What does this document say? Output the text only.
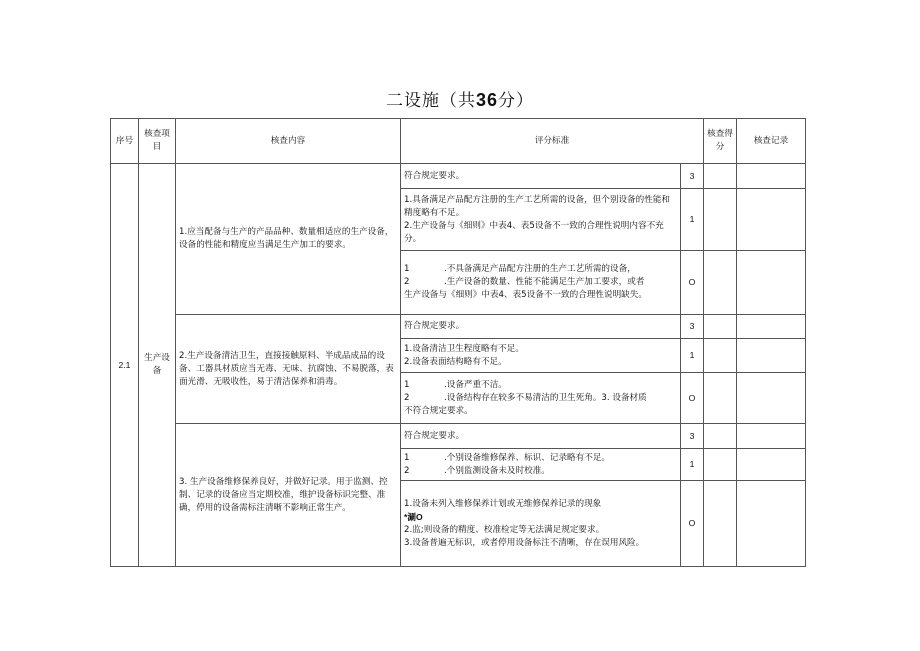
二设施（共36分）
序号	核查项目	核查内容	评分标准		核查得分	核查记录
2.1	生产设备	1.应当配备与生产的产品品种、数量相适应的生产设备，设备的性能和精度应当满足生产加工的要求。	符合规定要求。	3		

			1.具备满足产品配方注册的生产工艺所需的设备，但个别设备的性能和精度略有不足。
2.生产设备与《细则》中表4、表5设备不一致的合理性说明内容不充分。	1		

			1 .不具备满足产品配方注册的生产工艺所需的设备，
2 .生产设备的数量、性能不能满足生产加工要求，或者
生产设备与《细则》中表4、表5设备不一致的合理性说明缺失。	O		
		2.生产设备清洁卫生，直接接触原料、半成品成品的设备、工器具材质应当无毒、无味、抗腐蚀、不易脱落，表面光滑、无吸收性，易于清洁保养和消毒。	符合规定要求。	3		

			1.设备清洁卫生程度略有不足。
2.设备表面结构略有不足。	1		

			1 .设备严重不洁。
2 .设备结构存在较多不易清洁的卫生死角。3. 设备材质
不符合规定要求。	O		
		3. 生产设备维修保养良好，并做好记录。用于监测、控制、记录的设备应当定期校准，维护设备标识完整、准确，停用的设备需标注清晰不影响正常生产。	符合规定要求。	3		

			1 .个别设备维修保养、标识、记录略有不足。
2 .个别监测设备未及时校准。	1		

			1.设备未列入维修保养计划或无维修保养记录的现象
*涮O
2.监;则设备的精度、校准检定等无法满足规定要求。
3.设备普遍无标识，或者停用设备标注不清晰，存在误用风险。	O		
